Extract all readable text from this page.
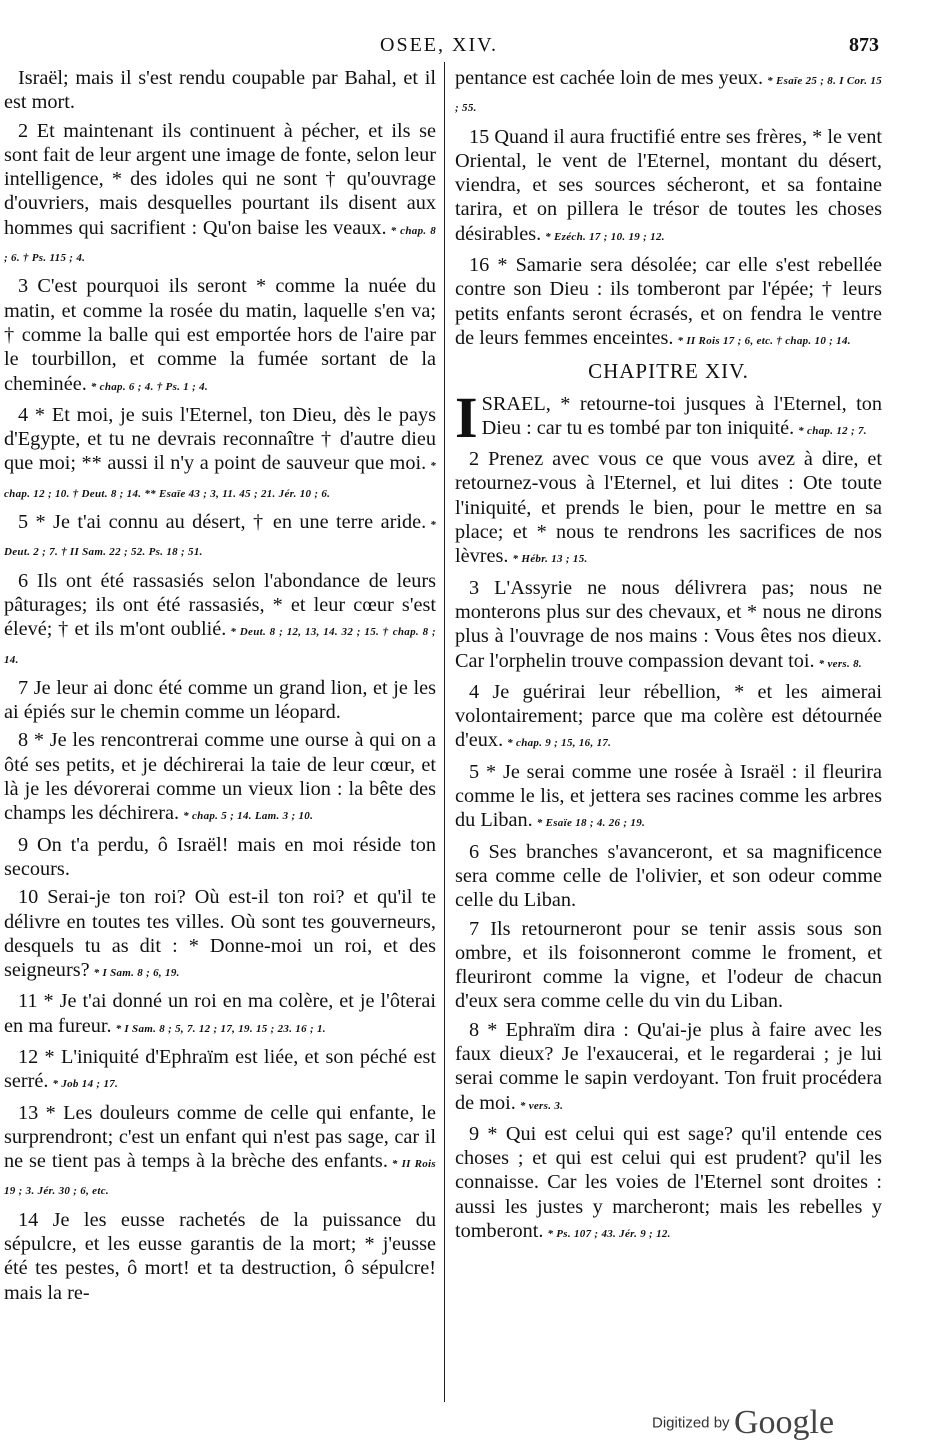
OSEE, XIV.	873

Israël; mais il s'est rendu coupable par Bahal, et il est mort.

2 Et maintenant ils continuent à pécher, et ils se sont fait de leur argent une image de fonte, selon leur intelligence, * des idoles qui ne sont † qu'ouvrage d'ouvriers, mais desquelles pourtant ils disent aux hommes qui sacrifient : Qu'on baise les veaux. * chap. 8 ; 6. † Ps. 115 ; 4.

3 C'est pourquoi ils seront * comme la nuée du matin, et comme la rosée du matin, laquelle s'en va; † comme la balle qui est emportée hors de l'aire par le tourbillon, et comme la fumée sortant de la cheminée. * chap. 6 ; 4. † Ps. 1 ; 4.

4 * Et moi, je suis l'Eternel, ton Dieu, dès le pays d'Egypte, et tu ne devrais reconnaître † d'autre dieu que moi; ** aussi il n'y a point de sauveur que moi. * chap. 12 ; 10. † Deut. 8 ; 14. ** Esaïe 43 ; 3, 11. 45 ; 21. Jér. 10 ; 6.

5 * Je t'ai connu au désert, † en une terre aride. * Deut. 2 ; 7. † II Sam. 22 ; 52. Ps. 18 ; 51.

6 Ils ont été rassasiés selon l'abondance de leurs pâturages; ils ont été rassasiés, * et leur cœur s'est élevé; † et ils m'ont oublié. * Deut. 8 ; 12, 13, 14. 32 ; 15. † chap. 8 ; 14.

7 Je leur ai donc été comme un grand lion, et je les ai épiés sur le chemin comme un léopard.

8 * Je les rencontrerai comme une ourse à qui on a ôté ses petits, et je déchirerai la taie de leur cœur, et là je les dévorerai comme un vieux lion : la bête des champs les déchirera. * chap. 5 ; 14. Lam. 3 ; 10.

9 On t'a perdu, ô Israël! mais en moi réside ton secours.

10 Serai-je ton roi? Où est-il ton roi? et qu'il te délivre en toutes tes villes. Où sont tes gouverneurs, desquels tu as dit : * Donne-moi un roi, et des seigneurs? * I Sam. 8 ; 6, 19.

11 * Je t'ai donné un roi en ma colère, et je l'ôterai en ma fureur. * I Sam. 8 ; 5, 7. 12 ; 17, 19. 15 ; 23. 16 ; 1.

12 * L'iniquité d'Ephraïm est liée, et son péché est serré. * Job 14 ; 17.

13 * Les douleurs comme de celle qui enfante, le surprendront; c'est un enfant qui n'est pas sage, car il ne se tient pas à temps à la brèche des enfants. * II Rois 19 ; 3. Jér. 30 ; 6, etc.

14 Je les eusse rachetés de la puissance du sépulcre, et les eusse garantis de la mort; * j'eusse été tes pestes, ô mort! et ta destruction, ô sépulcre! mais la re-

pentance est cachée loin de mes yeux. * Esaïe 25 ; 8. I Cor. 15 ; 55.

15 Quand il aura fructifié entre ses frères, * le vent Oriental, le vent de l'Eternel, montant du désert, viendra, et ses sources sécheront, et sa fontaine tarira, et on pillera le trésor de toutes les choses désirables. * Ezéch. 17 ; 10. 19 ; 12.

16 * Samarie sera désolée; car elle s'est rebellée contre son Dieu : ils tomberont par l'épée; † leurs petits enfants seront écrasés, et on fendra le ventre de leurs femmes enceintes. * II Rois 17 ; 6, etc. † chap. 10 ; 14.

CHAPITRE XIV.

ISRAEL, * retourne-toi jusques à l'Eternel, ton Dieu : car tu es tombé par ton iniquité. * chap. 12 ; 7.

2 Prenez avec vous ce que vous avez à dire, et retournez-vous à l'Eternel, et lui dites : Ote toute l'iniquité, et prends le bien, pour le mettre en sa place; et * nous te rendrons les sacrifices de nos lèvres. * Hébr. 13 ; 15.

3 L'Assyrie ne nous délivrera pas; nous ne monterons plus sur des chevaux, et * nous ne dirons plus à l'ouvrage de nos mains : Vous êtes nos dieux. Car l'orphelin trouve compassion devant toi. * vers. 8.

4 Je guérirai leur rébellion, * et les aimerai volontairement; parce que ma colère est détournée d'eux. * chap. 9 ; 15, 16, 17.

5 * Je serai comme une rosée à Israël : il fleurira comme le lis, et jettera ses racines comme les arbres du Liban. * Esaïe 18 ; 4. 26 ; 19.

6 Ses branches s'avanceront, et sa magnificence sera comme celle de l'olivier, et son odeur comme celle du Liban.

7 Ils retourneront pour se tenir assis sous son ombre, et ils foisonneront comme le froment, et fleuriront comme la vigne, et l'odeur de chacun d'eux sera comme celle du vin du Liban.

8 * Ephraïm dira : Qu'ai-je plus à faire avec les faux dieux? Je l'exaucerai, et le regarderai ; je lui serai comme le sapin verdoyant. Ton fruit procédera de moi. * vers. 3.

9 * Qui est celui qui est sage? qu'il entende ces choses ; et qui est celui qui est prudent? qu'il les connaisse. Car les voies de l'Eternel sont droites : aussi les justes y marcheront; mais les rebelles y tomberont. * Ps. 107 ; 43. Jér. 9 ; 12.

Digitized by Google
